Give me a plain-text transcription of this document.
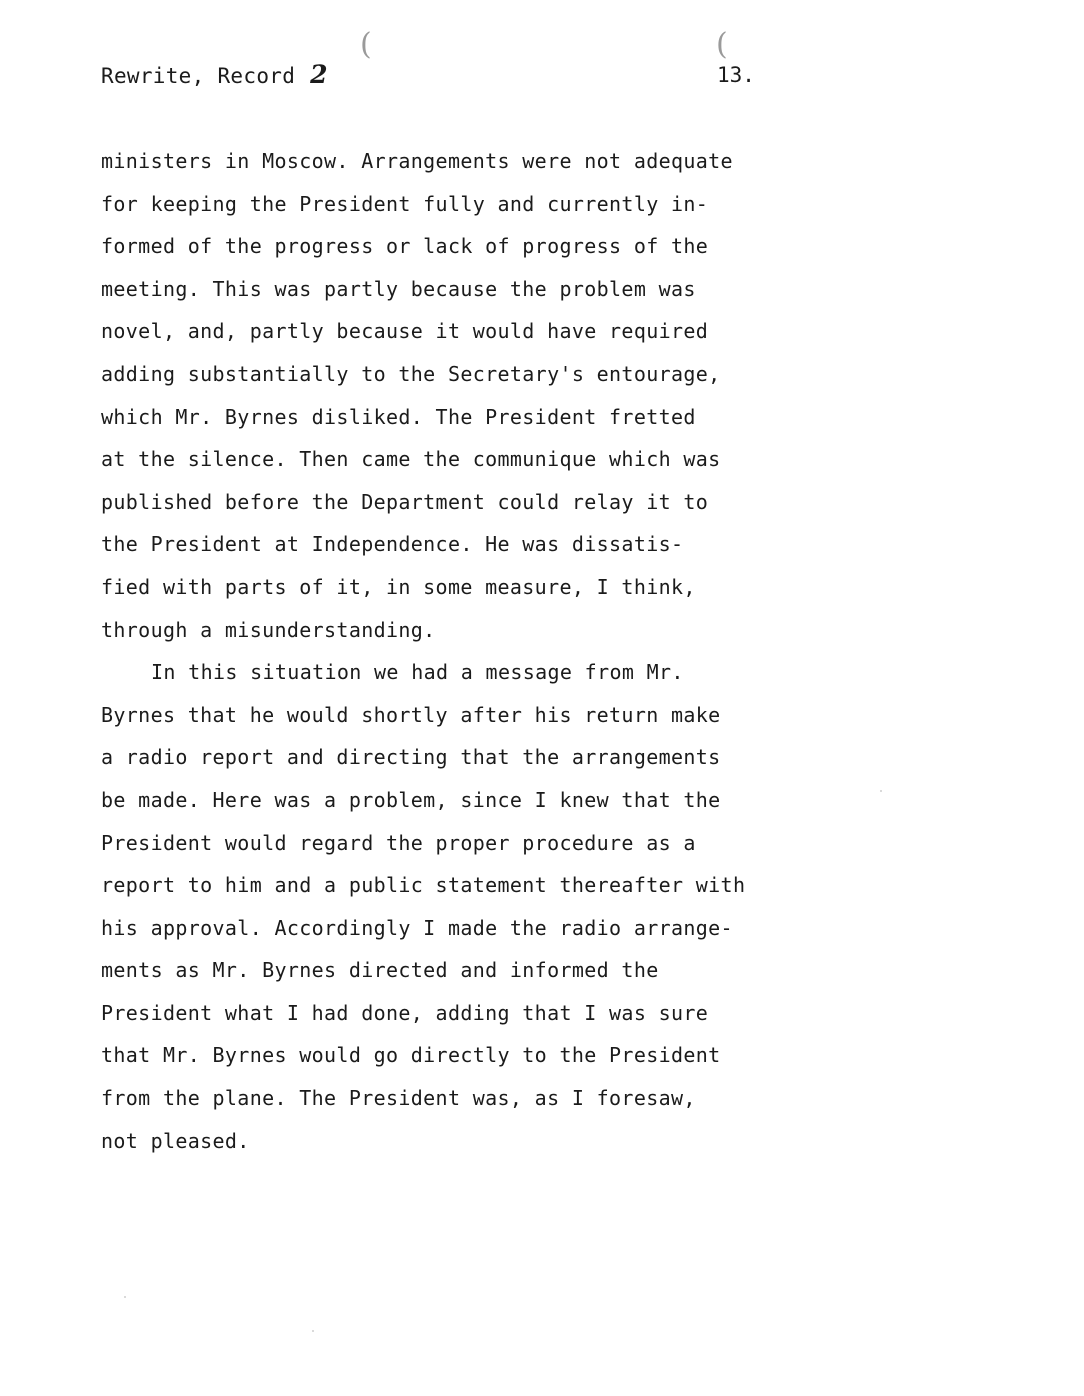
(	(
Rewrite, Record 2	13.
ministers in Moscow. Arrangements were not adequate
for keeping the President fully and currently in-
formed of the progress or lack of progress of the
meeting. This was partly because the problem was
novel, and, partly because it would have required
adding substantially to the Secretary's entourage,
which Mr. Byrnes disliked. The President fretted
at the silence. Then came the communique which was
published before the Department could relay it to
the President at Independence. He was dissatis-
fied with parts of it, in some measure, I think,
through a misunderstanding.
In this situation we had a message from Mr.
Byrnes that he would shortly after his return make
a radio report and directing that the arrangements
be made. Here was a problem, since I knew that the
President would regard the proper procedure as a
report to him and a public statement thereafter with
his approval. Accordingly I made the radio arrange-
ments as Mr. Byrnes directed and informed the
President what I had done, adding that I was sure
that Mr. Byrnes would go directly to the President
from the plane. The President was, as I foresaw,
not pleased.
